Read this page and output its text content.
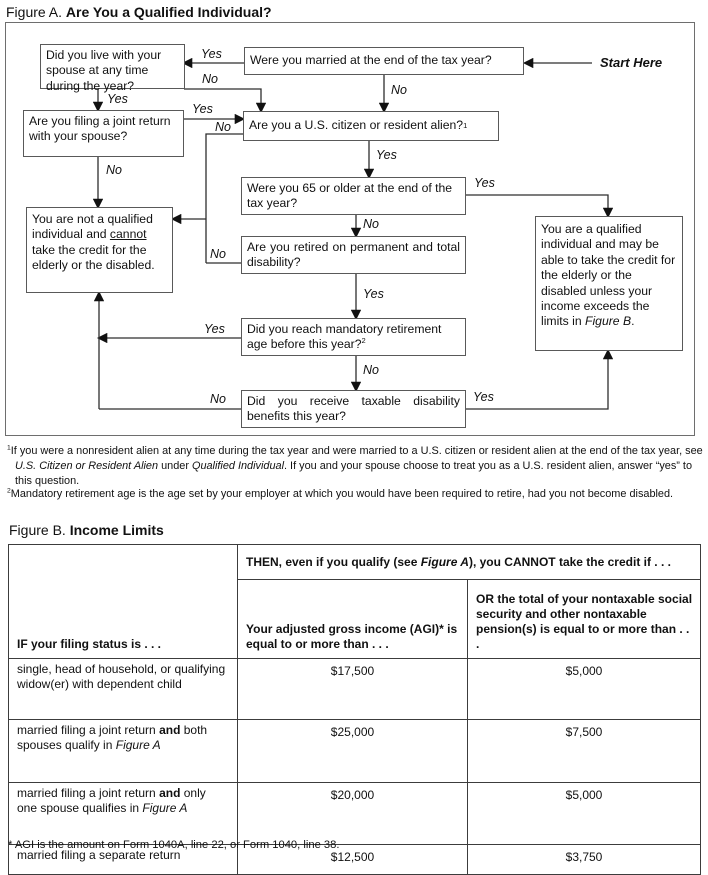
Figure A. Are You a Qualified Individual?
Did you live with your spouse at any time during the year?
Were you married at the end of the tax year?
Are you filing a joint return with your spouse?
Are you a U.S. citizen or resident alien? 1
Were you 65 or older at the end of the tax year?
You are not a qualified individual and cannot take the credit for the elderly or the disabled.
Are you retired on permanent and total disability?
You are a qualified individual and may be able to take the credit for the elderly or the disabled unless your income exceeds the limits in Figure B.
Did you reach mandatory retirement age before this year?$^2$
Did you receive taxable disability benefits this year?
Start Here
Yes
No
No
Yes
Yes
No
No
Yes
Yes
No
No
Yes
Yes
No
No	Yes
$^1$If you were a nonresident alien at any time during the tax year and were married to a U.S. citizen or resident alien at the end of the tax year, see U.S. Citizen or Resident Alien under Qualified Individual. If you and your spouse choose to treat you as a U.S. resident alien, answer “yes” to this question.
$^2$Mandatory retirement age is the age set by your employer at which you would have been required to retire, had you not become disabled.
Figure B. Income Limits
IF your filing status is . . .	THEN, even if you qualify (see Figure A), you CANNOT take the credit if . . .	
	Your adjusted gross income (AGI)* is equal to or more than . . .	OR the total of your nontaxable social security and other nontaxable pension(s) is equal to or more than . . .
single, head of household, or qualifying widow(er) with dependent child	$17,500	$5,000
married filing a joint return and both spouses qualify in Figure A	$25,000	$7,500
married filing a joint return and only one spouse qualifies in Figure A	$20,000	$5,000
married filing a separate return	$12,500	$3,750
* AGI is the amount on Form 1040A, line 22, or Form 1040, line 38.
